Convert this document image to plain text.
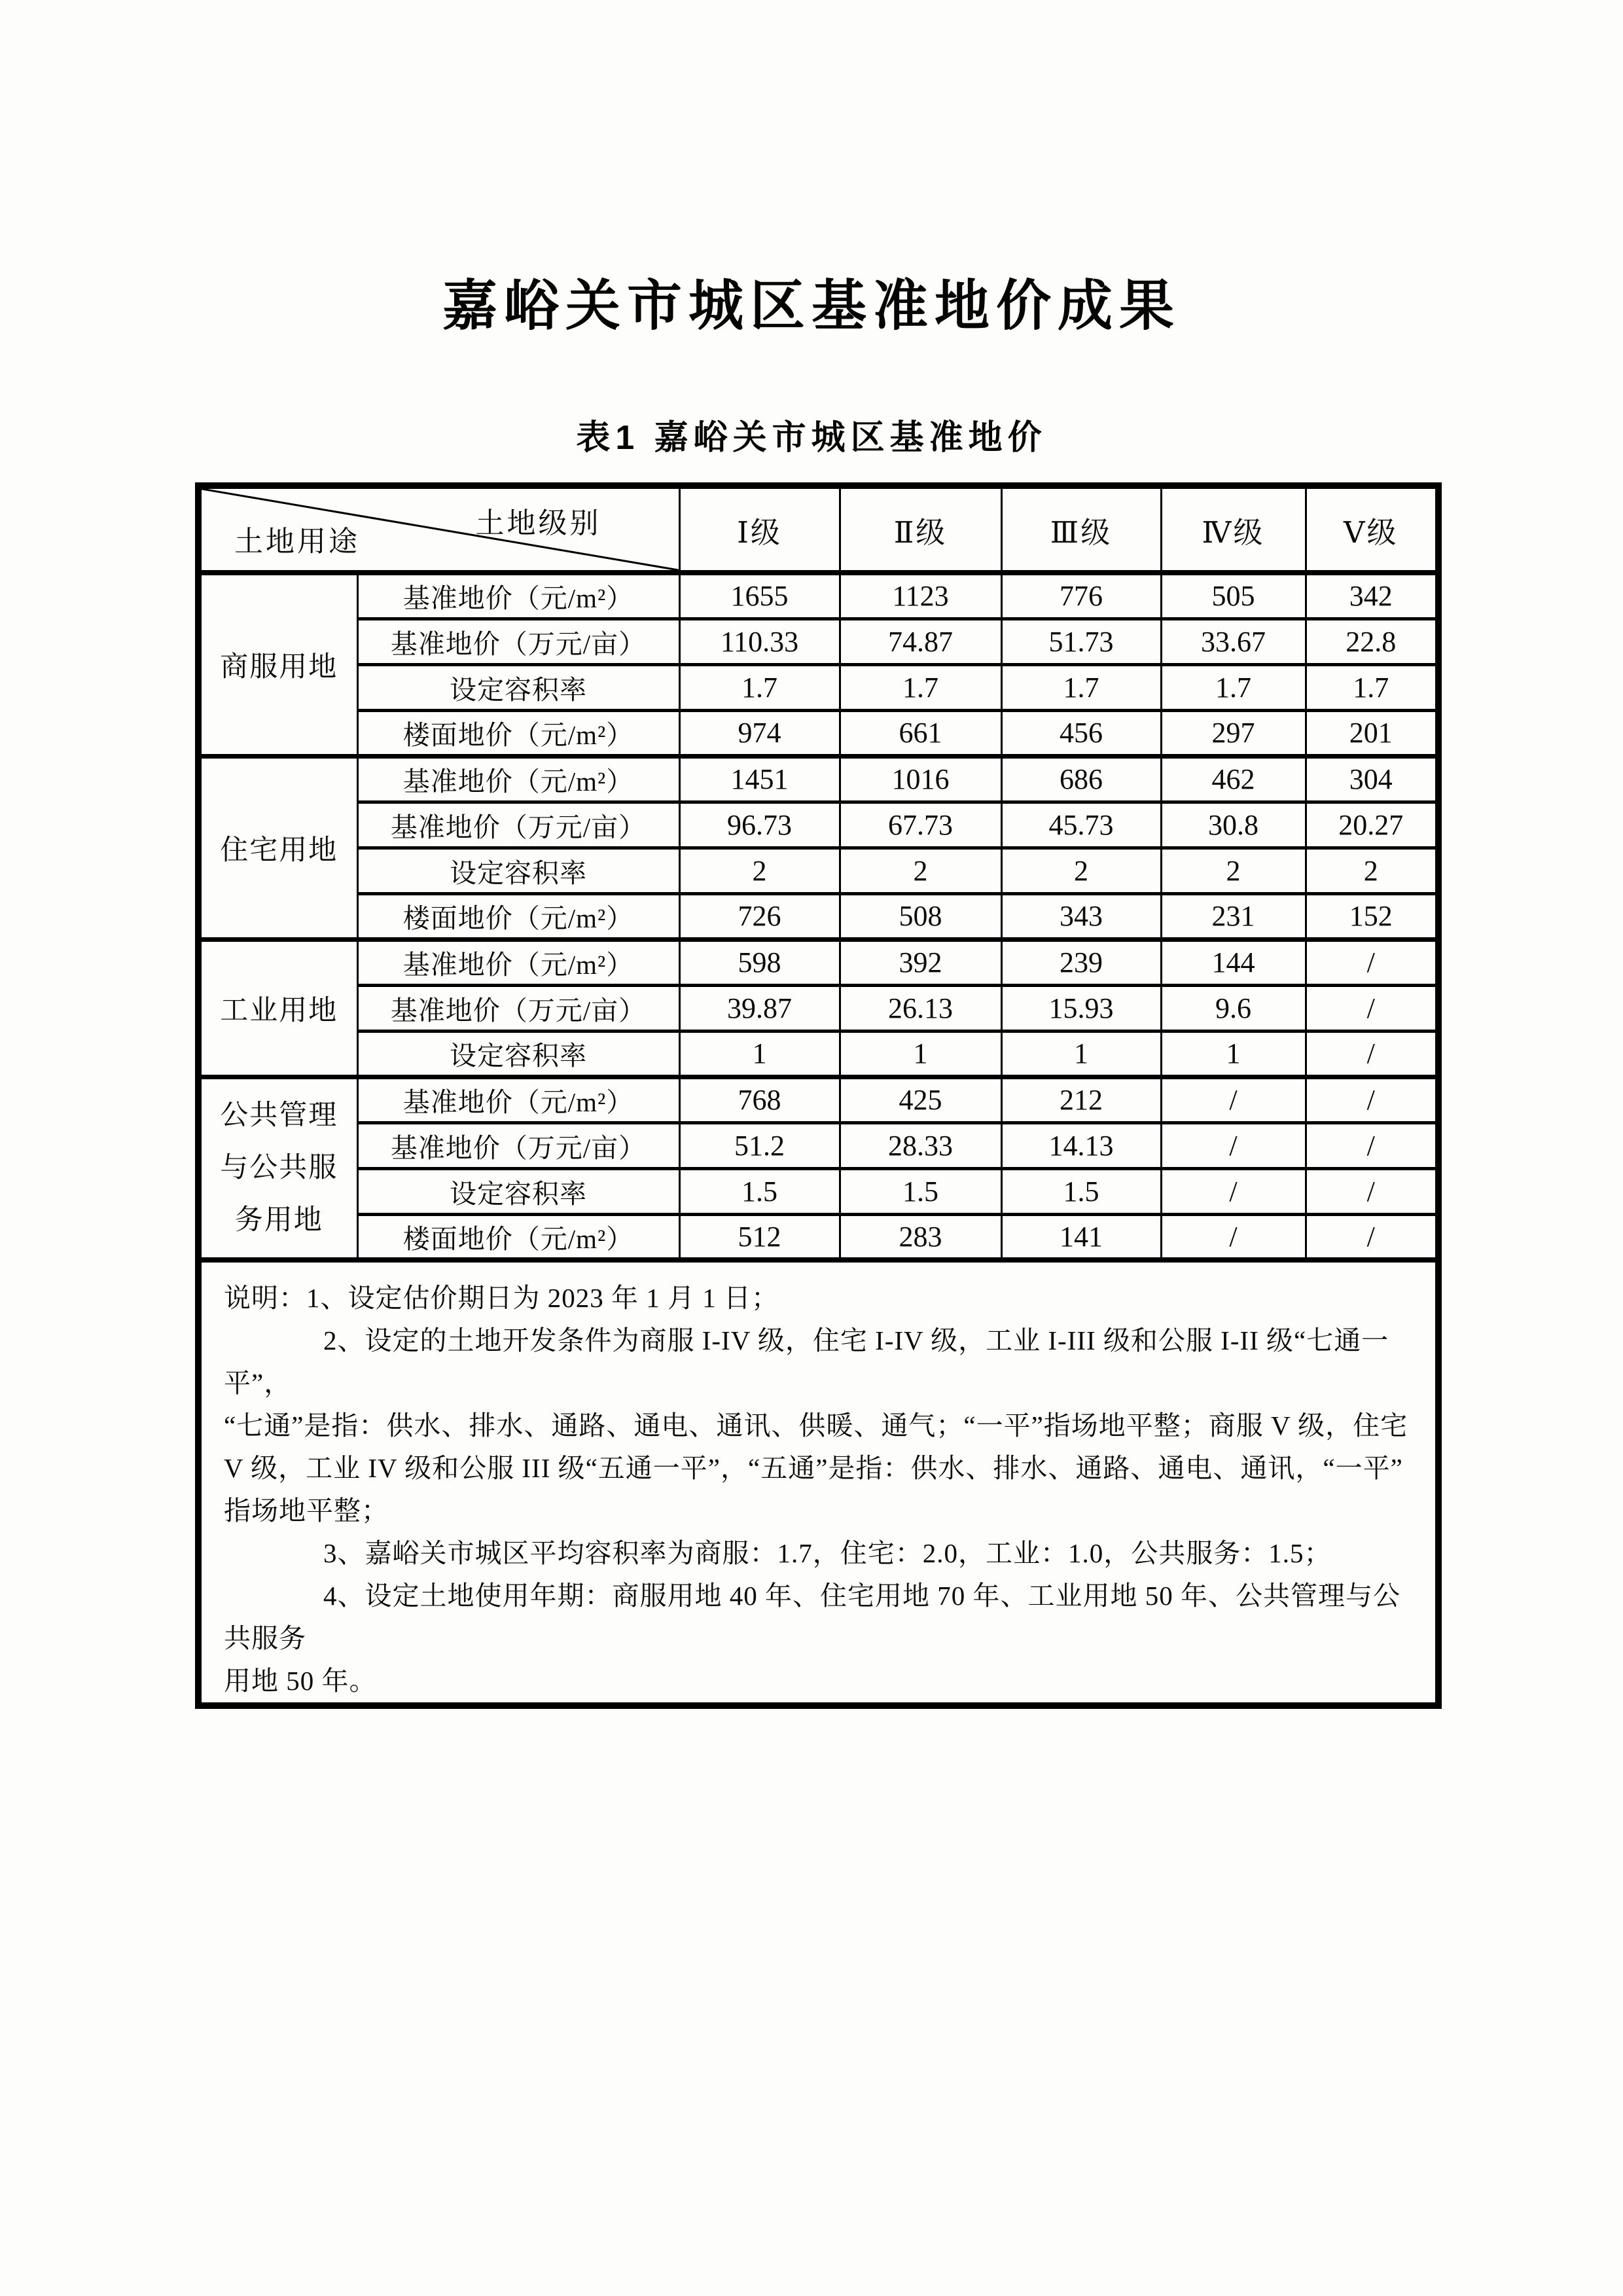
嘉峪关市城区基准地价成果
表1 嘉峪关市城区基准地价
土地级别
土地用途		Ⅰ级	Ⅱ级	Ⅲ级	Ⅳ级	Ⅴ级
商服用地	基准地价（元/m²）	1655	1123	776	505	342
	基准地价（万元/亩）	110.33	74.87	51.73	33.67	22.8
	设定容积率	1.7	1.7	1.7	1.7	1.7
	楼面地价（元/m²）	974	661	456	297	201
住宅用地	基准地价（元/m²）	1451	1016	686	462	304
	基准地价（万元/亩）	96.73	67.73	45.73	30.8	20.27
	设定容积率	2	2	2	2	2
	楼面地价（元/m²）	726	508	343	231	152
工业用地	基准地价（元/m²）	598	392	239	144	/
	基准地价（万元/亩）	39.87	26.13	15.93	9.6	/
	设定容积率	1	1	1	1	/
公共管理与公共服务用地	基准地价（元/m²）	768	425	212	/	/
	基准地价（万元/亩）	51.2	28.33	14.13	/	/
	设定容积率	1.5	1.5	1.5	/	/
	楼面地价（元/m²）	512	283	141	/	/

说明：1、设定估价期日为 2023 年 1 月 1 日；
2、设定的土地开发条件为商服 I-IV 级，住宅 I-IV 级，工业 I-III 级和公服 I-II 级“七通一平”，
“七通”是指：供水、排水、通路、通电、通讯、供暖、通气；“一平”指场地平整；商服 V 级，住宅
V 级，工业 IV 级和公服 III 级“五通一平”，“五通”是指：供水、排水、通路、通电、通讯，“一平”
指场地平整；
3、嘉峪关市城区平均容积率为商服：1.7，住宅：2.0，工业：1.0，公共服务：1.5；
4、设定土地使用年期：商服用地 40 年、住宅用地 70 年、工业用地 50 年、公共管理与公共服务
用地 50 年。
